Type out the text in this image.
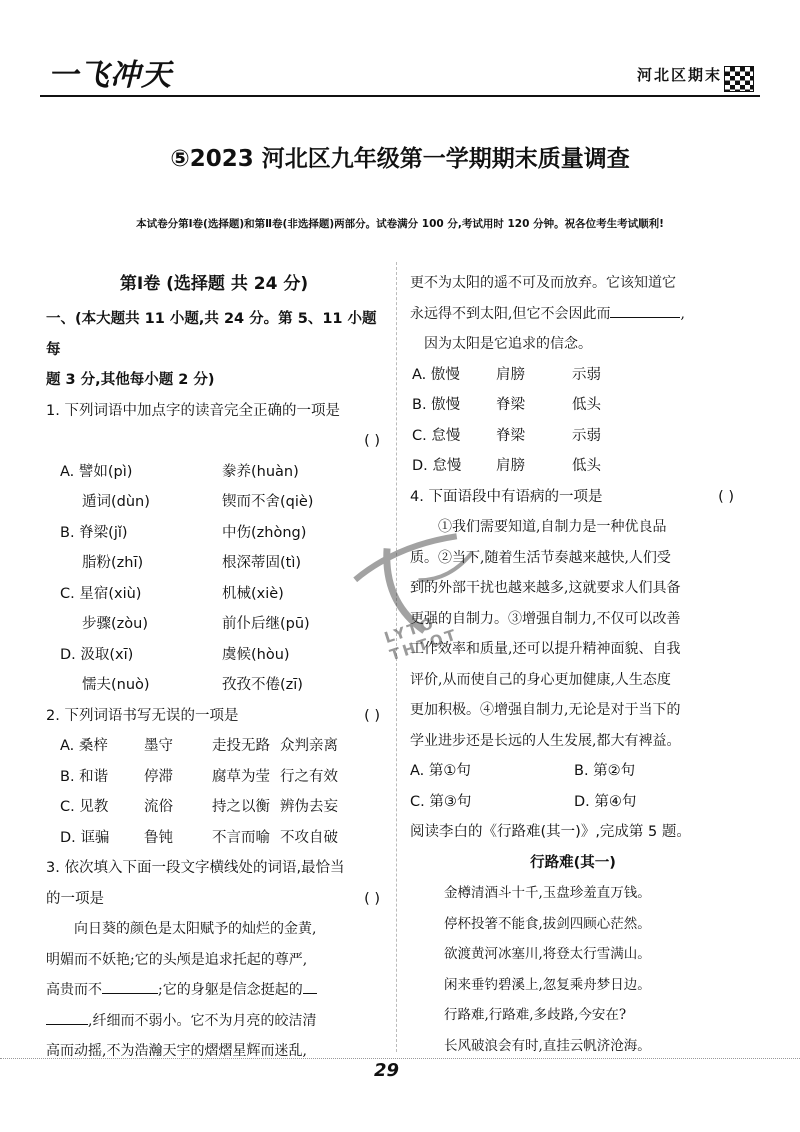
一飞冲天	河北区期末
⑤2023 河北区九年级第一学期期末质量调查
本试卷分第Ⅰ卷(选择题)和第Ⅱ卷(非选择题)两部分。试卷满分 100 分,考试用时 120 分钟。祝各位考生考试顺利!
第Ⅰ卷 (选择题 共 24 分)
一、(本大题共 11 小题,共 24 分。第 5、11 小题每
题 3 分,其他每小题 2 分)
1. 下列词语中加点字的读音完全正确的一项是

( )
A. 譬如(pì)	豢养(huàn)
遁词(dùn)	锲而不舍(qiè)
B. 脊梁(jǐ)	中伤(zhòng)
脂粉(zhī)	根深蒂固(tì)
C. 星宿(xiù)	机械(xiè)
步骤(zòu)	前仆后继(pū)
D. 汲取(xī)	虞候(hòu)
懦夫(nuò)	孜孜不倦(zī)
2. 下列词语书写无误的一项是	( )
A. 桑梓	墨守	走投无路 众判亲离
B. 和谐	停滞	腐草为莹 行之有效
C. 见教	流俗	持之以衡 辨伪去妄
D. 诓骗	鲁钝	不言而喻 不攻自破
3. 依次填入下面一段文字横线处的词语,最恰当
的一项是	( )
向日葵的颜色是太阳赋予的灿烂的金黄,
明媚而不妖艳;它的头颅是追求托起的尊严,
高贵而不	;它的身躯是信念挺起的
,纤细而不弱小。它不为月亮的皎洁清
高而动摇,不为浩瀚天宇的熠熠星辉而迷乱,
更不为太阳的遥不可及而放弃。它该知道它
永远得不到太阳,但它不会因此而	,
因为太阳是它追求的信念。
A. 傲慢	肩膀	示弱
B. 傲慢	脊梁	低头
C. 怠慢	脊梁	示弱
D. 怠慢	肩膀	低头
4. 下面语段中有语病的一项是	( )
①我们需要知道,自制力是一种优良品
质。②当下,随着生活节奏越来越快,人们受
到的外部干扰也越来越多,这就要求人们具备
更强的自制力。③增强自制力,不仅可以改善
工作效率和质量,还可以提升精神面貌、自我
评价,从而使自己的身心更加健康,人生态度
更加积极。④增强自制力,无论是对于当下的
学业进步还是长远的人生发展,都大有裨益。
A. 第①句	B. 第②句
C. 第③句	D. 第④句
阅读李白的《行路难(其一)》,完成第 5 题。
行路难(其一)
金樽清酒斗十千,玉盘珍羞直万钱。
停杯投箸不能食,拔剑四顾心茫然。
欲渡黄河冰塞川,将登太行雪满山。
闲来垂钓碧溪上,忽复乘舟梦日边。
行路难,行路难,多歧路,今安在?
长风破浪会有时,直挂云帆济沧海。
LYTO THTOT
29
